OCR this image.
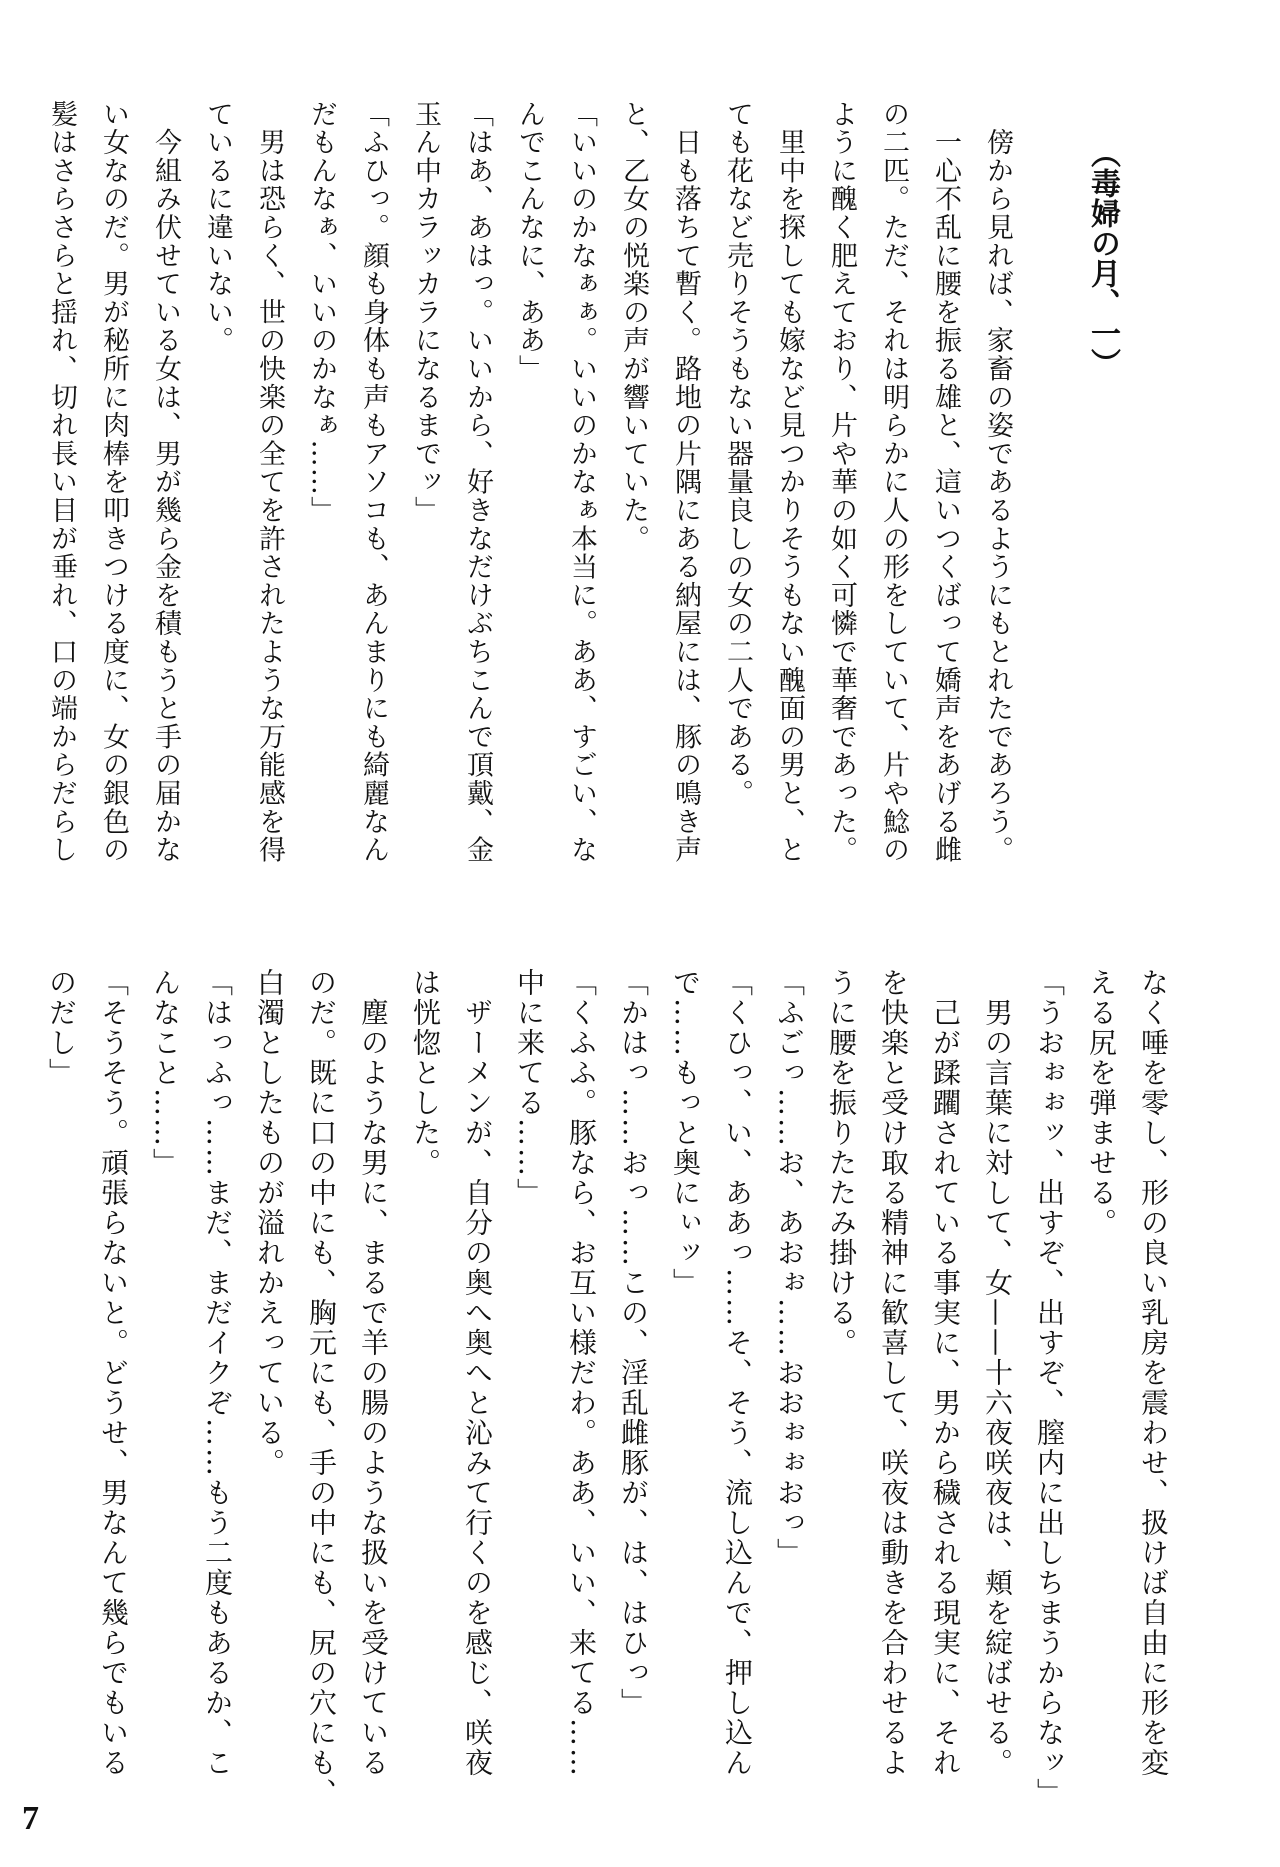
（毒婦の月、一）
　傍から見れば、家畜の姿であるようにもとれたであろう。
　一心不乱に腰を振る雄と、這いつくばって嬌声をあげる雌
の二匹。ただ、それは明らかに人の形をしていて、片や鯰の
ように醜く肥えており、片や華の如く可憐で華奢であった。
　里中を探しても嫁など見つかりそうもない醜面の男と、と
ても花など売りそうもない器量良しの女の二人である。
　日も落ちて暫く。路地の片隅にある納屋には、豚の鳴き声
と、乙女の悦楽の声が響いていた。
「いいのかなぁぁ。いいのかなぁ本当に。ああ、すごい、な
んでこんなに、ああ」
「はあ、あはっ。いいから、好きなだけぶちこんで頂戴、金
玉ん中カラッカラになるまでッ」
「ふひっ。顔も身体も声もアソコも、あんまりにも綺麗なん
だもんなぁ、いいのかなぁ……」
　男は恐らく、世の快楽の全てを許されたような万能感を得
ているに違いない。
　今組み伏せている女は、男が幾ら金を積もうと手の届かな
い女なのだ。男が秘所に肉棒を叩きつける度に、女の銀色の
髪はさらさらと揺れ、切れ長い目が垂れ、口の端からだらし
なく唾を零し、形の良い乳房を震わせ、扱けば自由に形を変
える尻を弾ませる。
「うおぉぉッ、出すぞ、出すぞ、膣内に出しちまうからなッ」
　男の言葉に対して、女——十六夜咲夜は、頬を綻ばせる。
　己が蹂躙されている事実に、男から穢される現実に、それ
を快楽と受け取る精神に歓喜して、咲夜は動きを合わせるよ
うに腰を振りたたみ掛ける。
「ふごっ……お、あおぉ……おおぉぉおっ」
「くひっ、い、ああっ……そ、そう、流し込んで、押し込ん
で……もっと奥にぃッ」
「かはっ……おっ……この、淫乱雌豚が、は、はひっ」
「くふふ。豚なら、お互い様だわ。ああ、いい、来てる……
中に来てる……」
　ザーメンが、自分の奥へ奥へと沁みて行くのを感じ、咲夜
は恍惚とした。
　塵のような男に、まるで羊の腸のような扱いを受けている
のだ。既に口の中にも、胸元にも、手の中にも、尻の穴にも、
白濁としたものが溢れかえっている。
「はっふっ……まだ、まだイクぞ……もう二度もあるか、こ
んなこと……」
「そうそう。頑張らないと。どうせ、男なんて幾らでもいる
のだし」
7
